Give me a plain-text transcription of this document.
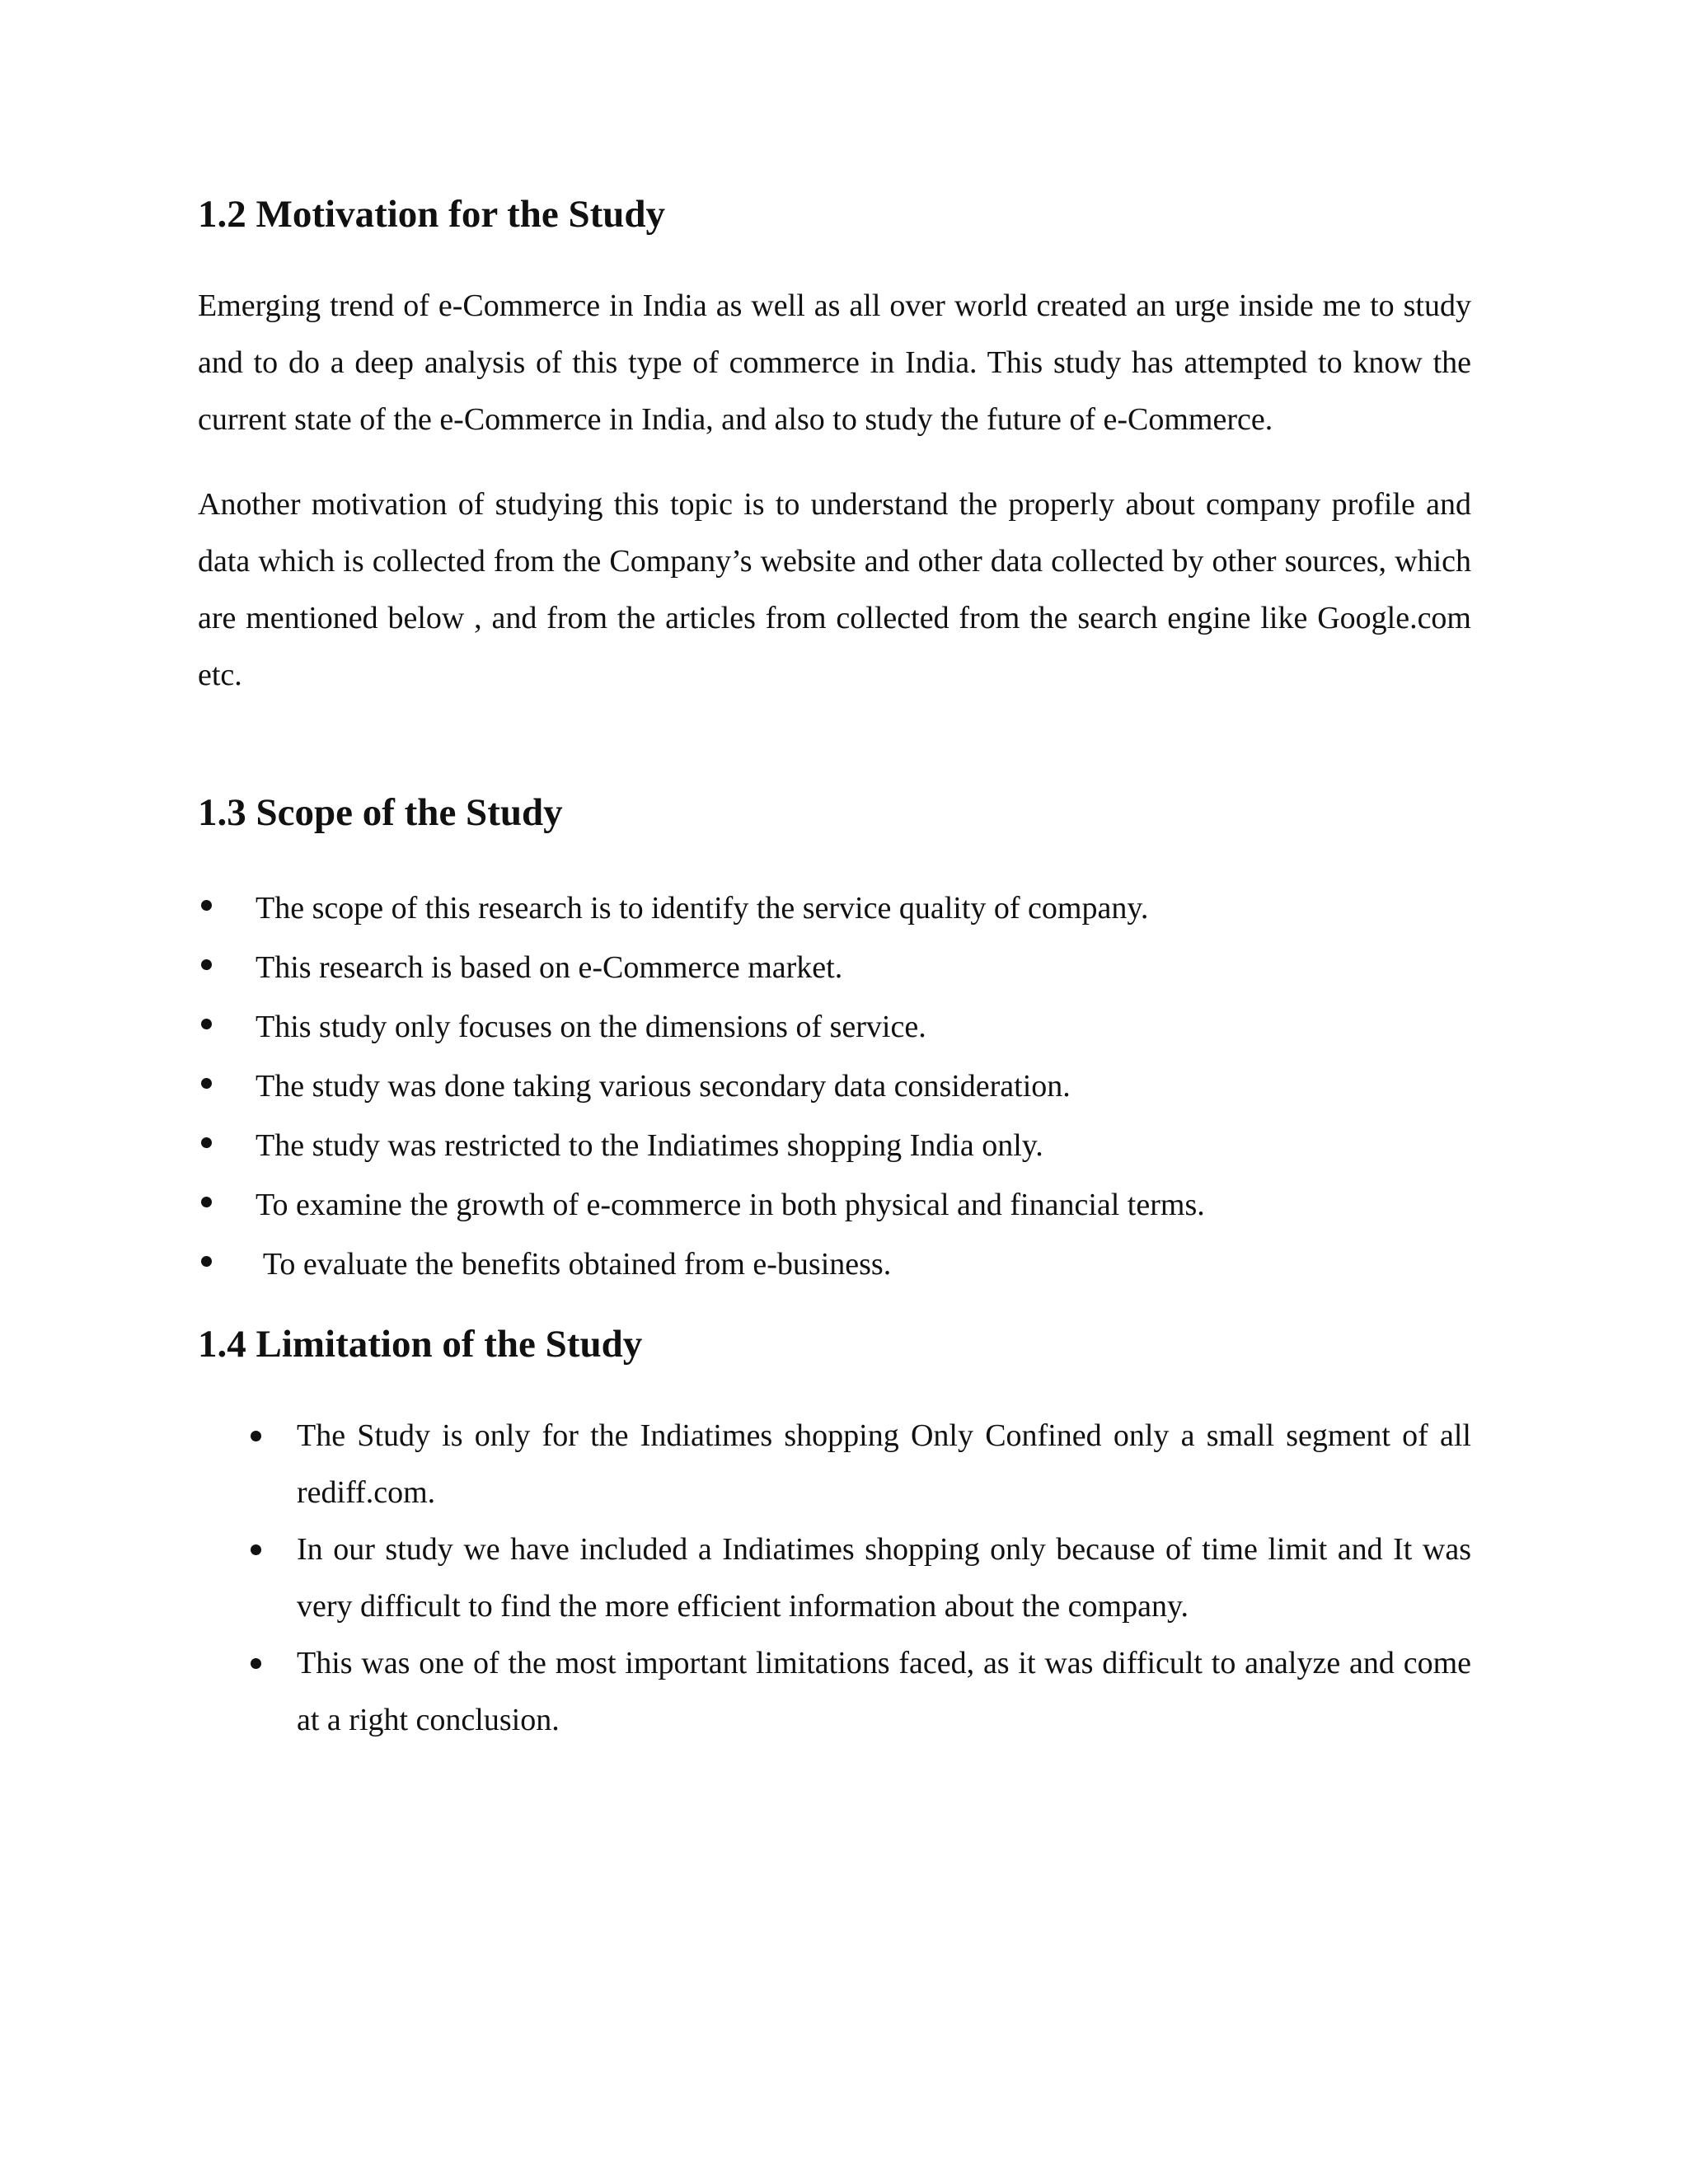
1.2 Motivation for the Study

Emerging trend of e-Commerce in India as well as all over world created an urge inside me to study and to do a deep analysis of this type of commerce in India. This study has attempted to know the current state of the e-Commerce in India, and also to study the future of e-Commerce.

Another motivation of studying this topic is to understand the properly about company profile and data which is collected from the Company’s website and other data collected by other sources, which are mentioned below , and from the articles from collected from the search engine like Google.com etc.

1.3 Scope of the Study
The scope of this research is to identify the service quality of company.
This research is based on e-Commerce market.
This study only focuses on the dimensions of service.
The study was done taking various secondary data consideration.
The study was restricted to the Indiatimes shopping India only.
To examine the growth of e-commerce in both physical and financial terms.
To evaluate the benefits obtained from e-business.
1.4 Limitation of the Study
The Study is only for the Indiatimes shopping Only Confined only a small segment of all rediff.com.
In our study we have included a Indiatimes shopping only because of time limit and It was very difficult to find the more efficient information about the company.
This was one of the most important limitations faced, as it was difficult to analyze and come at a right conclusion.
